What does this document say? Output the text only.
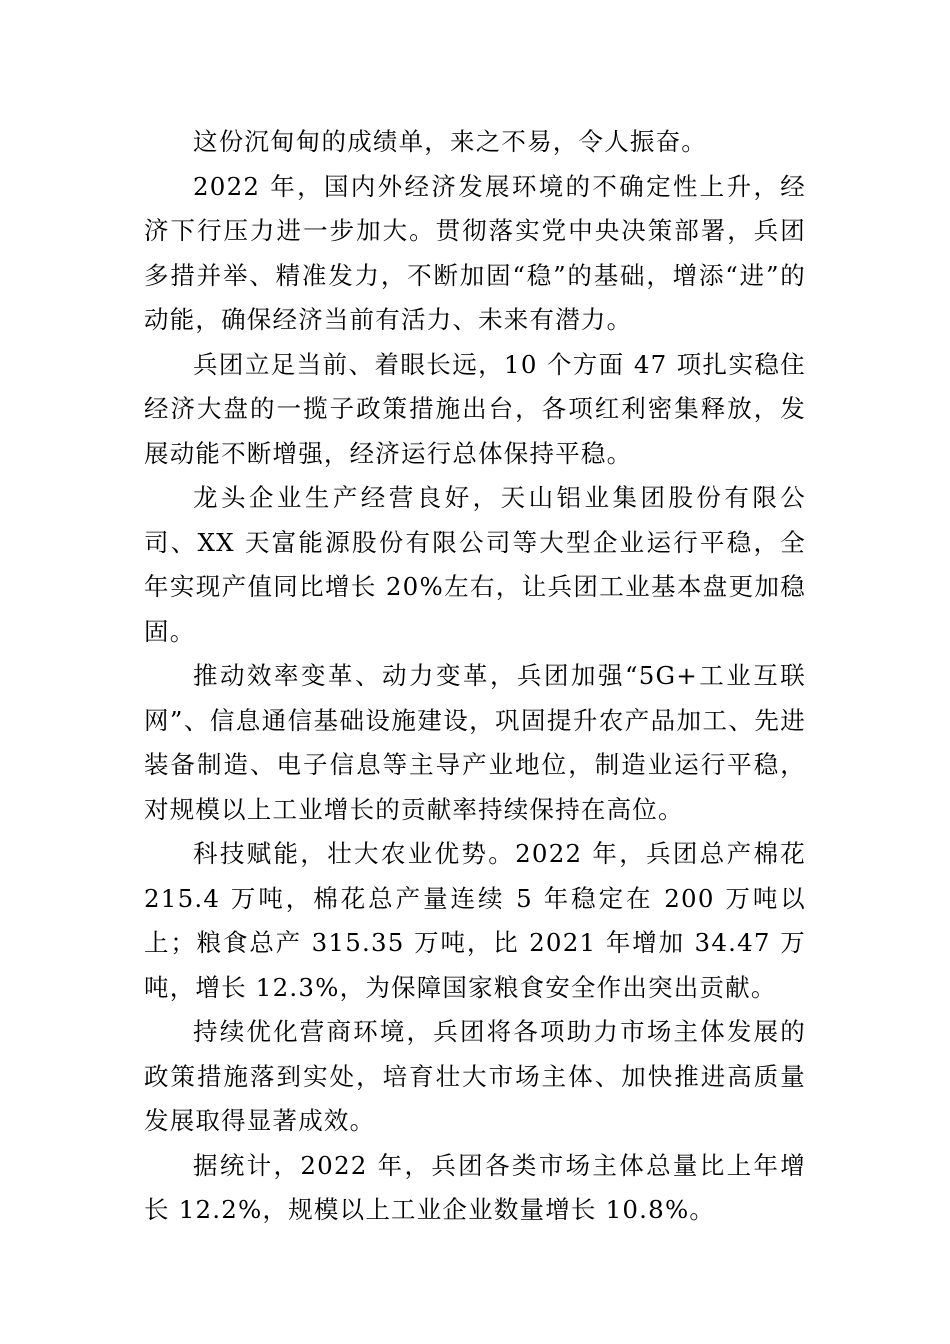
这份沉甸甸的成绩单，来之不易，令人振奋。

2022 年，国内外经济发展环境的不确定性上升，经济下行压力进一步加大。贯彻落实党中央决策部署，兵团多措并举、精准发力，不断加固“稳”的基础，增添“进”的动能，确保经济当前有活力、未来有潜力。

兵团立足当前、着眼长远，10 个方面 47 项扎实稳住经济大盘的一揽子政策措施出台，各项红利密集释放，发展动能不断增强，经济运行总体保持平稳。

龙头企业生产经营良好，天山铝业集团股份有限公司、XX 天富能源股份有限公司等大型企业运行平稳，全年实现产值同比增长 20%左右，让兵团工业基本盘更加稳固。

推动效率变革、动力变革，兵团加强“5G+工业互联网”、信息通信基础设施建设，巩固提升农产品加工、先进装备制造、电子信息等主导产业地位，制造业运行平稳，对规模以上工业增长的贡献率持续保持在高位。

科技赋能，壮大农业优势。2022 年，兵团总产棉花 215.4 万吨，棉花总产量连续 5 年稳定在 200 万吨以上；粮食总产 315.35 万吨，比 2021 年增加 34.47 万吨，增长 12.3%，为保障国家粮食安全作出突出贡献。

持续优化营商环境，兵团将各项助力市场主体发展的政策措施落到实处，培育壮大市场主体、加快推进高质量发展取得显著成效。

据统计，2022 年，兵团各类市场主体总量比上年增长 12.2%，规模以上工业企业数量增长 10.8%。
